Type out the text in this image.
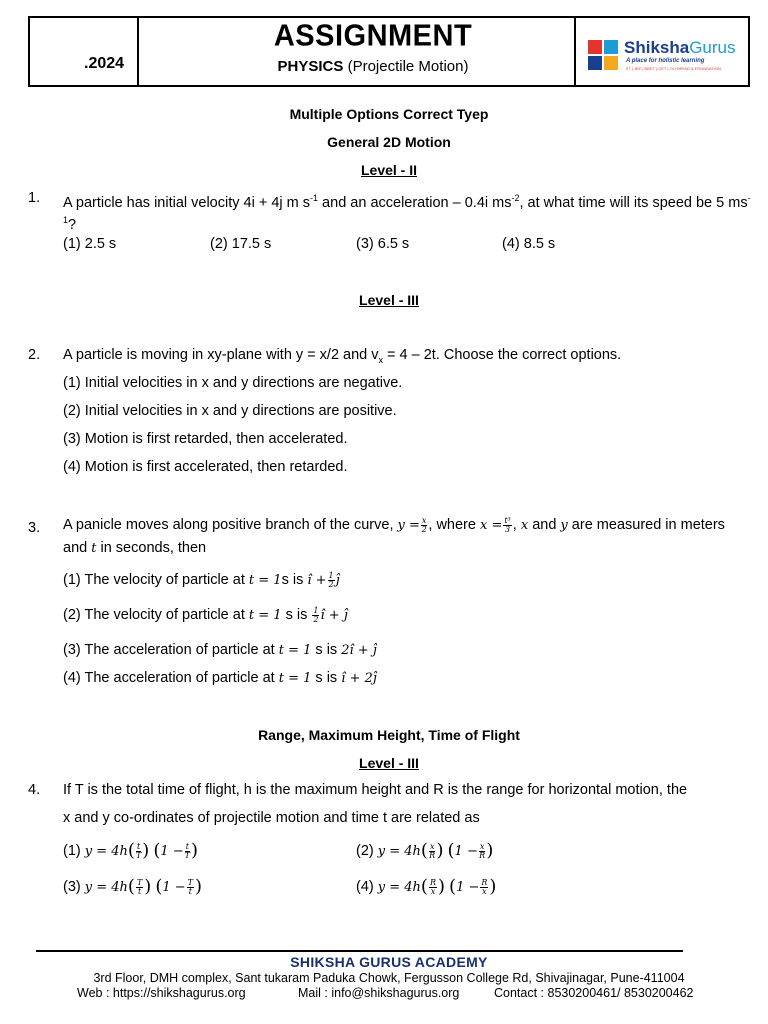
ShikshaGurus
A place for holistic learning
IIT | JEE | NEET | CET | OLYMPIAD & FOUNDATION
.2024
ASSIGNMENT
PHYSICS (Projectile Motion)
Multiple Options Correct Tyep
General 2D Motion
Level - II
1. A particle has initial velocity 4i + 4j m $s^{-1}$ and an acceleration – 0.4i $ms^{-2}$, at what time will its speed be 5 $ms^{-1}$?
(1) 2.5 s	(2) 17.5 s	(3) 6.5 s	(4) 8.5 s
Level - III
2. A particle is moving in xy-plane with y = x/2 and $v_x = 4 - 2t$. Choose the correct options.
(1) Initial velocities in x and y directions are negative.
(2) Initial velocities in x and y directions are positive.
(3) Motion is first retarded, then accelerated.
(4) Motion is first accelerated, then retarded.
3. A panicle moves along positive branch of the curve, $y = \frac{x}{2}$ , where $x = \frac{\text{t³}}{3}$ , x and y are measured in meters and t in seconds, then
(1) The velocity of particle at t = 1s is î + $\frac{1}{2}$ ĵ
(2) The velocity of particle at t = 1 s is $\frac{1}{2}$ î + ĵ
(3) The acceleration of particle at t = 1 s is 2î + ĵ
(4) The acceleration of particle at t = 1 s is î + 2ĵ
Range, Maximum Height, Time of Flight
Level - III
4. If T is the total time of flight, h is the maximum height and R is the range for horizontal motion, the
x and y co-ordinates of projectile motion and time t are related as
(1) $y = 4h( \frac{t}{T}$ ) ($1 - \frac{t}{T}$ )	(2) $y = 4h( \frac{x}{R}$ ) ($1 - \frac{x}{R}$ )
(3) $y = 4h( \frac{T}{t}$ ) ($1 - \frac{T}{t}$ )	(4) $y = 4h( \frac{R}{x}$ ) ($1 - \frac{R}{x}$ )
SHIKSHA GURUS ACADEMY
3rd Floor, DMH complex, Sant tukaram Paduka Chowk, Fergusson College Rd, Shivajinagar, Pune-411004
Web : https://shikshagurus.org	Mail : info@shikshagurus.org	Contact : 8530200461/ 8530200462
